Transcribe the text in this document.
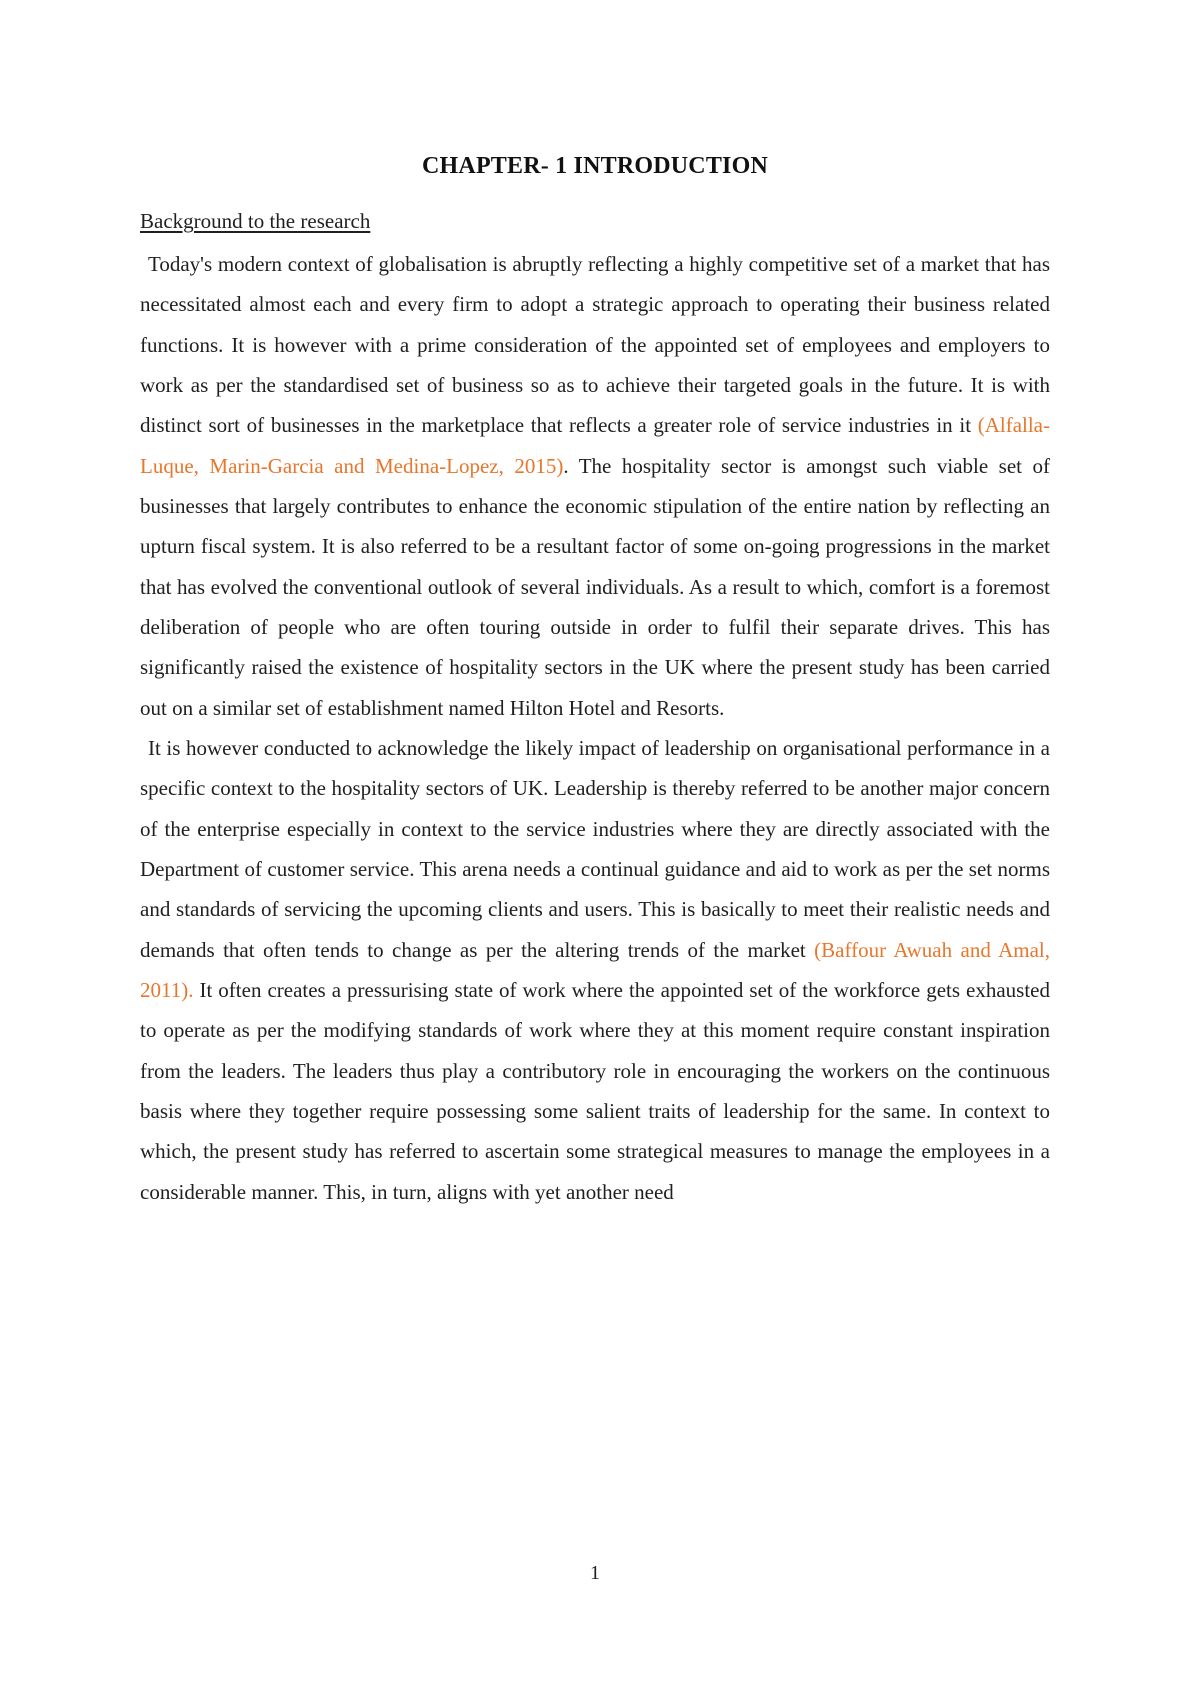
CHAPTER- 1 INTRODUCTION
Background to the research

Today's modern context of globalisation is abruptly reflecting a highly competitive set of a market that has necessitated almost each and every firm to adopt a strategic approach to operating their business related functions. It is however with a prime consideration of the appointed set of employees and employers to work as per the standardised set of business so as to achieve their targeted goals in the future. It is with distinct sort of businesses in the marketplace that reflects a greater role of service industries in it (Alfalla-Luque, Marin-Garcia and Medina-Lopez, 2015). The hospitality sector is amongst such viable set of businesses that largely contributes to enhance the economic stipulation of the entire nation by reflecting an upturn fiscal system. It is also referred to be a resultant factor of some on-going progressions in the market that has evolved the conventional outlook of several individuals. As a result to which, comfort is a foremost deliberation of people who are often touring outside in order to fulfil their separate drives. This has significantly raised the existence of hospitality sectors in the UK where the present study has been carried out on a similar set of establishment named Hilton Hotel and Resorts.

It is however conducted to acknowledge the likely impact of leadership on organisational performance in a specific context to the hospitality sectors of UK. Leadership is thereby referred to be another major concern of the enterprise especially in context to the service industries where they are directly associated with the Department of customer service. This arena needs a continual guidance and aid to work as per the set norms and standards of servicing the upcoming clients and users. This is basically to meet their realistic needs and demands that often tends to change as per the altering trends of the market (Baffour Awuah and Amal, 2011). It often creates a pressurising state of work where the appointed set of the workforce gets exhausted to operate as per the modifying standards of work where they at this moment require constant inspiration from the leaders. The leaders thus play a contributory role in encouraging the workers on the continuous basis where they together require possessing some salient traits of leadership for the same. In context to which, the present study has referred to ascertain some strategical measures to manage the employees in a considerable manner. This, in turn, aligns with yet another need

1
